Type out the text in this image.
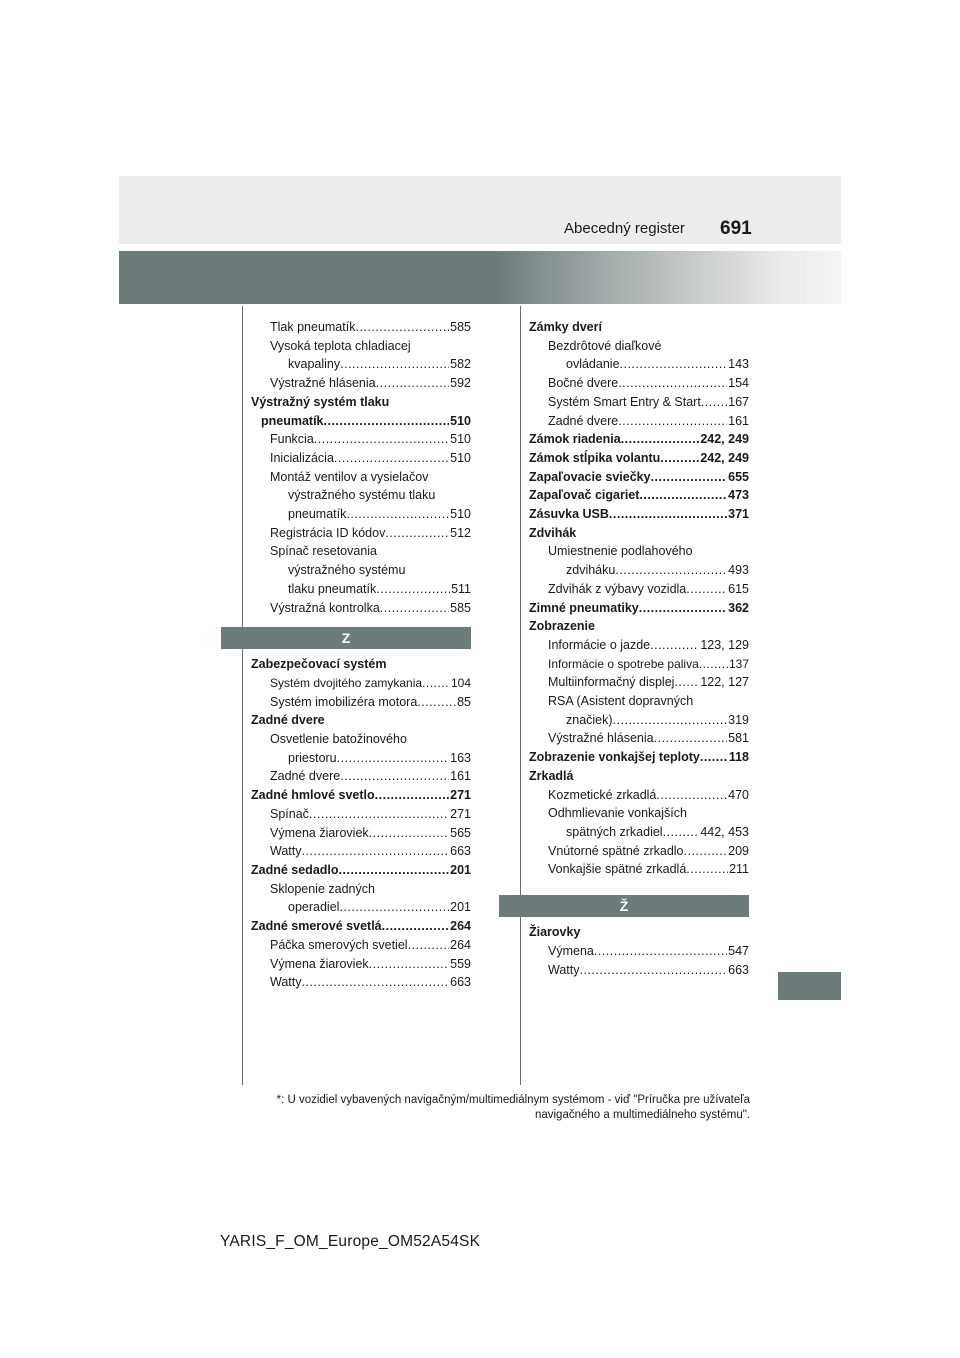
Abecedný register 691
Tlak pneumatík .....	585
Vysoká teplota chladiacej
kvapaliny .....	582
Výstražné hlásenia .....	592
Výstražný systém tlaku
pneumatík .....	510
Funkcia .....	510
Inicializácia .....	510
Montáž ventilov a vysielačov
výstražného systému tlaku
pneumatík .....	510
Registrácia ID kódov .....	512
Spínač resetovania
výstražného systému
tlaku pneumatík .....	511
Výstražná kontrolka .....	585
Z
Zabezpečovací systém
Systém dvojitého zamykania ..... 104
Systém imobilizéra motora .....	85
Zadné dvere
Osvetlenie batožinového
priestoru .....	163
Zadné dvere .....	161
Zadné hmlové svetlo .....	271
Spínač .....	271
Výmena žiaroviek .....	565
Watty .....	663
Zadné sedadlo .....	201
Sklopenie zadných
operadiel .....	201
Zadné smerové svetlá .....	264
Páčka smerových svetiel .....	264
Výmena žiaroviek .....	559
Watty .....	663
Zámky dverí
Bezdrôtové diaľkové
ovládanie .....	143
Bočné dvere .....	154
Systém Smart Entry & Start ..... 167
Zadné dvere .....	161
Zámok riadenia .....	242, 249
Zámok stĺpika volantu .....	242, 249
Zapaľovacie sviečky .....	655
Zapaľovač cigariet .....	473
Zásuvka USB .....	371
Zdvihák
Umiestnenie podlahového
zdviháku .....	493
Zdvihák z výbavy vozidla .....	615
Zimné pneumatiky .....	362
Zobrazenie
Informácie o jazde .....	123, 129
Informácie o spotrebe paliva .....	137
Multiinformačný displej ..... 122, 127
RSA (Asistent dopravných
značiek) .....	319
Výstražné hlásenia .....	581
Zobrazenie vonkajšej teploty ..... 118
Zrkadlá
Kozmetické zrkadlá .....	470
Odhmlievanie vonkajších
spätných zrkadiel .....	442, 453
Vnútorné spätné zrkadlo .....	209
Vonkajšie spätné zrkadlá .....	211
Ž
Žiarovky
Výmena .....	547
Watty .....	663
*: U vozidiel vybavených navigačným/multimediálnym systémom - viď "Príručka pre užívateľa
navigačného a multimediálneho systému".
YARIS_F_OM_Europe_OM52A54SK
